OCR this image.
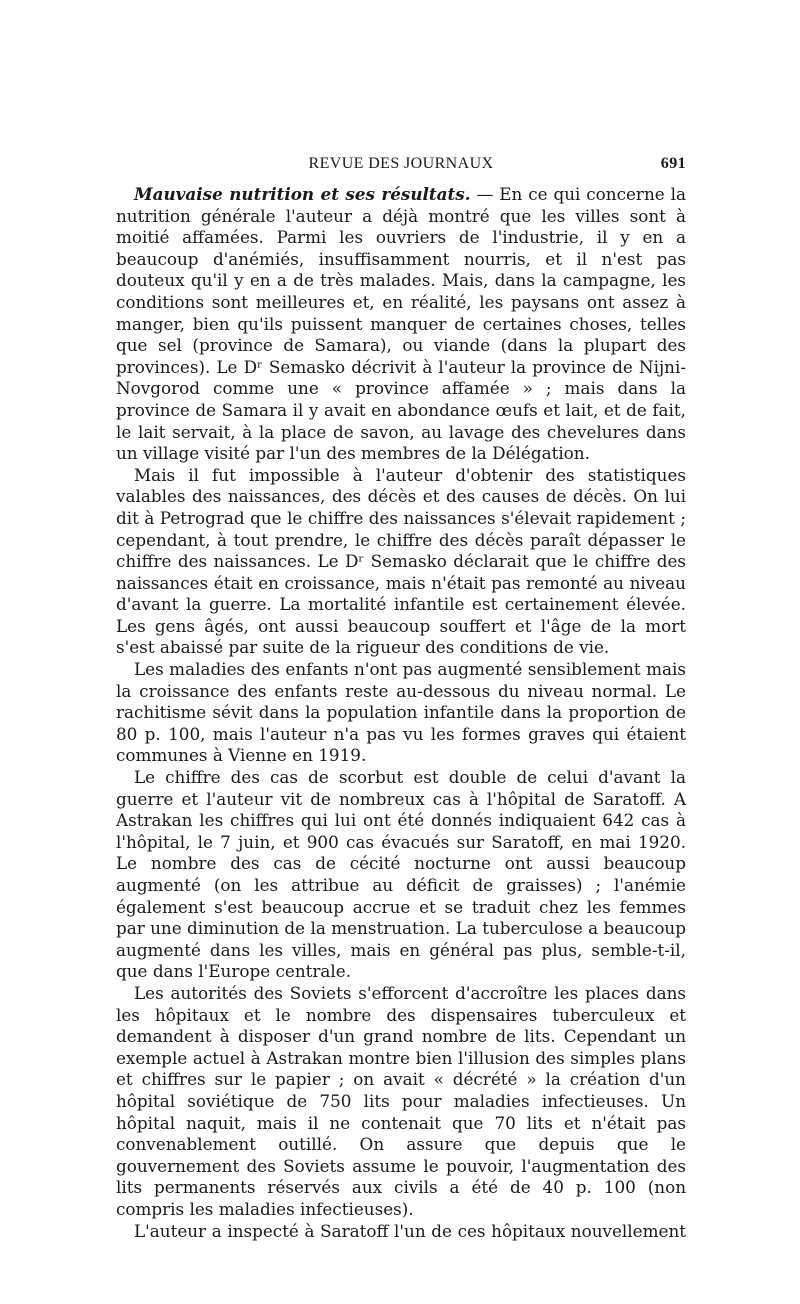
REVUE DES JOURNAUX	691

Mauvaise nutrition et ses résultats. — En ce qui concerne la nutrition générale l'auteur a déjà montré que les villes sont à moitié affamées. Parmi les ouvriers de l'industrie, il y en a beaucoup d'anémiés, insuffisamment nourris, et il n'est pas douteux qu'il y en a de très malades. Mais, dans la campagne, les conditions sont meilleures et, en réalité, les paysans ont assez à manger, bien qu'ils puissent manquer de certaines choses, telles que sel (province de Samara), ou viande (dans la plupart des provinces). Le Dʳ Semasko décrivit à l'auteur la province de Nijni-Novgorod comme une « province affamée » ; mais dans la province de Samara il y avait en abondance œufs et lait, et de fait, le lait servait, à la place de savon, au lavage des chevelures dans un village visité par l'un des membres de la Délégation.

Mais il fut impossible à l'auteur d'obtenir des statistiques valables des naissances, des décès et des causes de décès. On lui dit à Petrograd que le chiffre des naissances s'élevait rapidement ; cependant, à tout prendre, le chiffre des décès paraît dépasser le chiffre des naissances. Le Dʳ Semasko déclarait que le chiffre des naissances était en croissance, mais n'était pas remonté au niveau d'avant la guerre. La mortalité infantile est certainement élevée. Les gens âgés, ont aussi beaucoup souffert et l'âge de la mort s'est abaissé par suite de la rigueur des conditions de vie.

Les maladies des enfants n'ont pas augmenté sensiblement mais la croissance des enfants reste au-dessous du niveau normal. Le rachitisme sévit dans la population infantile dans la proportion de 80 p. 100, mais l'auteur n'a pas vu les formes graves qui étaient communes à Vienne en 1919.

Le chiffre des cas de scorbut est double de celui d'avant la guerre et l'auteur vit de nombreux cas à l'hôpital de Saratoff. A Astrakan les chiffres qui lui ont été donnés indiquaient 642 cas à l'hôpital, le 7 juin, et 900 cas évacués sur Saratoff, en mai 1920. Le nombre des cas de cécité nocturne ont aussi beaucoup augmenté (on les attribue au déficit de graisses) ; l'anémie également s'est beaucoup accrue et se traduit chez les femmes par une diminution de la menstruation. La tuberculose a beaucoup augmenté dans les villes, mais en général pas plus, semble-t-il, que dans l'Europe centrale.

Les autorités des Soviets s'efforcent d'accroître les places dans les hôpitaux et le nombre des dispensaires tuberculeux et demandent à disposer d'un grand nombre de lits. Cependant un exemple actuel à Astrakan montre bien l'illusion des simples plans et chiffres sur le papier ; on avait « décrété » la création d'un hôpital soviétique de 750 lits pour maladies infectieuses. Un hôpital naquit, mais il ne contenait que 70 lits et n'était pas convenablement outillé. On assure que depuis que le gouvernement des Soviets assume le pouvoir, l'augmentation des lits permanents réservés aux civils a été de 40 p. 100 (non compris les maladies infectieuses).

L'auteur a inspecté à Saratoff l'un de ces hôpitaux nouvellement
